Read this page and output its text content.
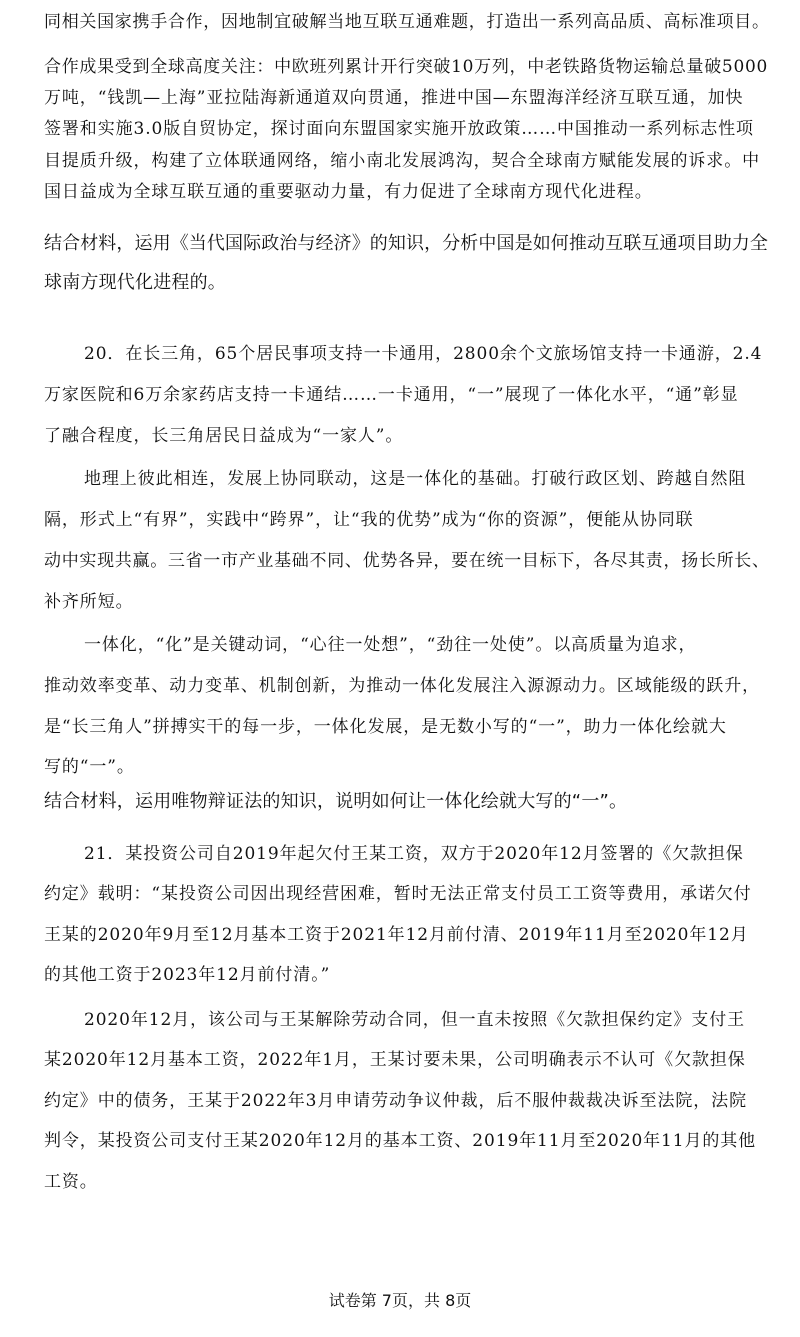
同相关国家携手合作，因地制宜破解当地互联互通难题，打造出一系列高品质、高标准项目。
合作成果受到全球高度关注：中欧班列累计开行突破10万列，中老铁路货物运输总量破5000
万吨，“钱凯—上海”亚拉陆海新通道双向贯通，推进中国—东盟海洋经济互联互通，加快
签署和实施3.0版自贸协定，探讨面向东盟国家实施开放政策……中国推动一系列标志性项
目提质升级，构建了立体联通网络，缩小南北发展鸿沟，契合全球南方赋能发展的诉求。中
国日益成为全球互联互通的重要驱动力量，有力促进了全球南方现代化进程。
结合材料，运用《当代国际政治与经济》的知识，分析中国是如何推动互联互通项目助力全
球南方现代化进程的。
20．在长三角，65个居民事项支持一卡通用，2800余个文旅场馆支持一卡通游，2.4
万家医院和6万余家药店支持一卡通结……一卡通用，“一”展现了一体化水平，“通”彰显
了融合程度，长三角居民日益成为“一家人”。
地理上彼此相连，发展上协同联动，这是一体化的基础。打破行政区划、跨越自然阻
隔，形式上“有界”，实践中“跨界”，让“我的优势”成为“你的资源”，便能从协同联
动中实现共赢。三省一市产业基础不同、优势各异，要在统一目标下，各尽其责，扬长所长、
补齐所短。
一体化，“化”是关键动词，“心往一处想”，“劲往一处使”。以高质量为追求，
推动效率变革、动力变革、机制创新，为推动一体化发展注入源源动力。区域能级的跃升，
是“长三角人”拼搏实干的每一步，一体化发展，是无数小写的“一”，助力一体化绘就大
写的“一”。
结合材料，运用唯物辩证法的知识，说明如何让一体化绘就大写的“一”。
21．某投资公司自2019年起欠付王某工资，双方于2020年12月签署的《欠款担保
约定》载明：“某投资公司因出现经营困难，暂时无法正常支付员工工资等费用，承诺欠付
王某的2020年9月至12月基本工资于2021年12月前付清、2019年11月至2020年12月
的其他工资于2023年12月前付清。”
2020年12月，该公司与王某解除劳动合同，但一直未按照《欠款担保约定》支付王
某2020年12月基本工资，2022年1月，王某讨要未果，公司明确表示不认可《欠款担保
约定》中的债务，王某于2022年3月申请劳动争议仲裁，后不服仲裁裁决诉至法院，法院
判令，某投资公司支付王某2020年12月的基本工资、2019年11月至2020年11月的其他
工资。
试卷第 7页，共 8页
